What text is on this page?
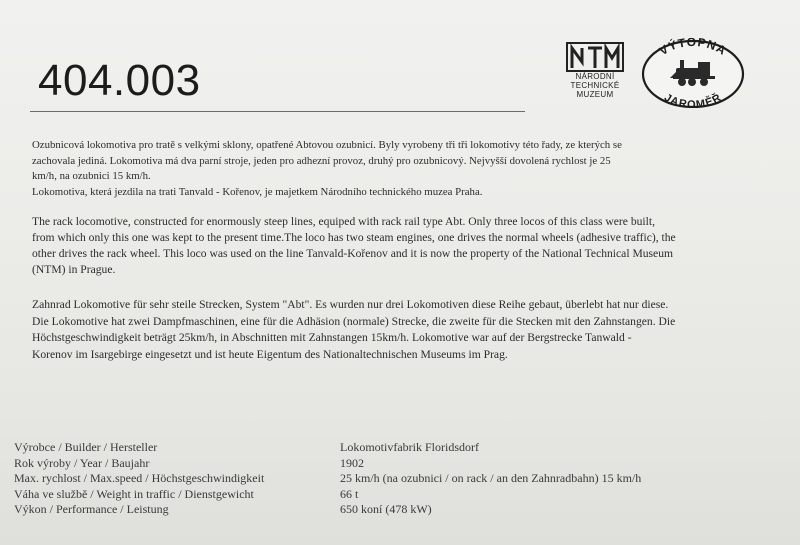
404.003	NÁRODNÍ
TECHNICKÉ
MUZEUM
VÝTOPNA
JAROMĚŘ

Ozubnicová lokomotiva pro tratě s velkými sklony, opatřené Abtovou ozubnicí. Byly vyrobeny tři tři lokomotivy této řady, ze kterých se

zachovala jediná. Lokomotiva má dva parní stroje, jeden pro adhezní provoz, druhý pro ozubnicový. Nejvyšší dovolená rychlost je 25

km/h, na ozubnici 15 km/h.

Lokomotiva, která jezdila na trati Tanvald - Kořenov, je majetkem Národního technického muzea Praha.

The rack locomotive, constructed for enormously steep lines, equiped with rack rail type Abt. Only three locos of this class were built,

from which only this one was kept to the present time.The loco has two steam engines, one drives the normal wheels (adhesive traffic), the

other drives the rack wheel. This loco was used on the line Tanvald-Kořenov and it is now the property of the National Technical Museum

(NTM) in Prague.

Zahnrad Lokomotive für sehr steile Strecken, System "Abt". Es wurden nur drei Lokomotiven diese Reihe gebaut, überlebt hat nur diese.

Die Lokomotive hat zwei Dampfmaschinen, eine für die Adhäsion (normale) Strecke, die zweite für die Stecken mit den Zahnstangen. Die

Höchstgeschwindigkeit beträgt 25km/h, in Abschnitten mit Zahnstangen 15km/h. Lokomotive war auf der Bergstrecke Tanwald -

Korenov im Isargebirge eingesetzt und ist heute Eigentum des Nationaltechnischen Museums im Prag.

Výrobce / Builder / Hersteller	Lokomotivfabrik Floridsdorf
Rok výroby / Year / Baujahr	1902
Max. rychlost / Max.speed / Höchstgeschwindigkeit	25 km/h (na ozubnici / on rack / an den Zahnradbahn) 15 km/h
Váha ve službě / Weight in traffic / Dienstgewicht	66 t
Výkon / Performance / Leistung	650 koní (478 kW)
